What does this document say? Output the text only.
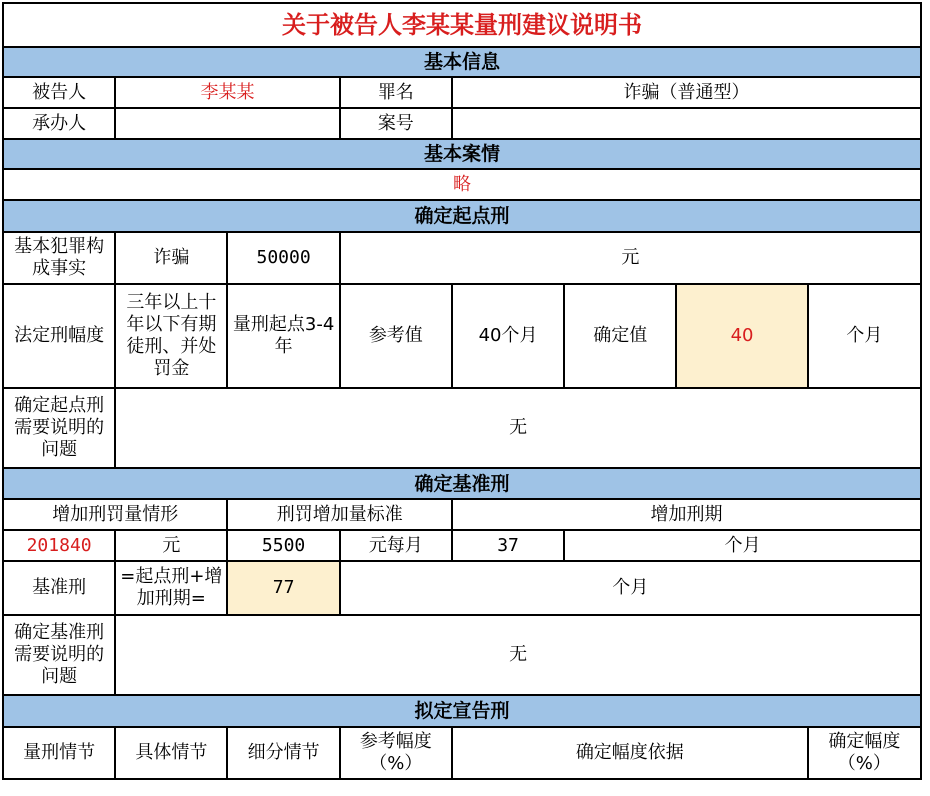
关于被告人李某某量刑建议说明书							
基本信息							
被告人	李某某		罪名	诈骗（普通型）			
承办人			案号				
基本案情							
略							
确定起点刑							
基本犯罪构成事实	诈骗	50000	元				
法定刑幅度	三年以上十年以下有期徒刑、并处罚金	量刑起点3-4年	参考值	40个月	确定值	40	个月
确定起点刑需要说明的问题	无						
确定基准刑							
增加刑罚量情形		刑罚增加量标准		增加刑期			
201840	元	5500	元每月	37	个月		
基准刑	=起点刑+增加刑期=	77	个月				
确定基准刑需要说明的问题	无						
拟定宣告刑							
量刑情节	具体情节	细分情节	参考幅度（%）	确定幅度依据			确定幅度（%）
